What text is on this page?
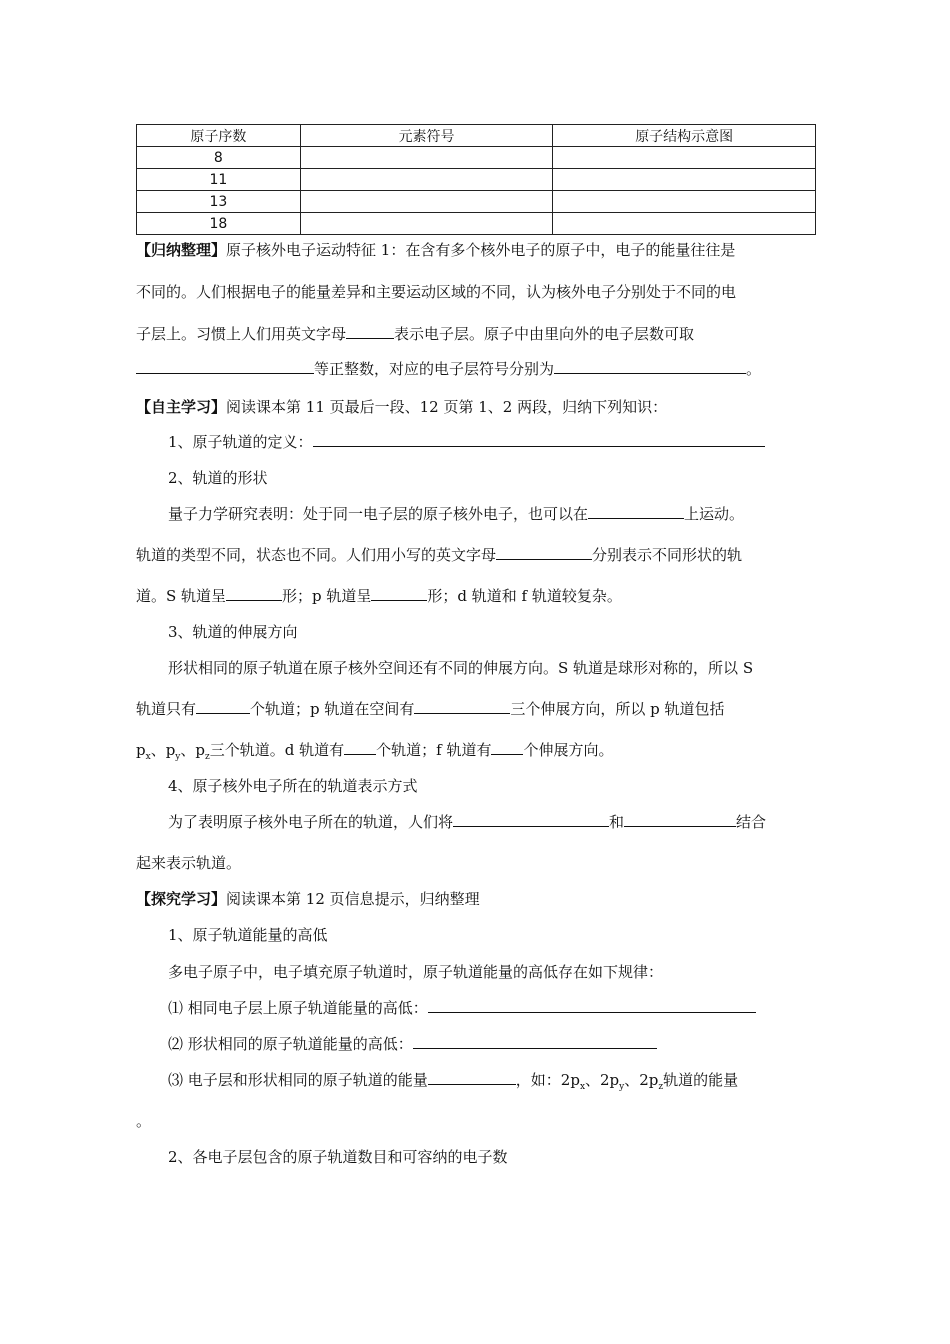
原子序数	元素符号	原子结构示意图
8		
11		
13		
18		
【归纳整理】原子核外电子运动特征 1：在含有多个核外电子的原子中，电子的能量往往是
不同的。人们根据电子的能量差异和主要运动区域的不同，认为核外电子分别处于不同的电
子层上。习惯上人们用英文字母	表示电子层。原子中由里向外的电子层数可取
等正整数，对应的电子层符号分别为	。
【自主学习】阅读课本第 11 页最后一段、12 页第 1、2 两段，归纳下列知识：
1、原子轨道的定义：
2、轨道的形状
量子力学研究表明：处于同一电子层的原子核外电子，也可以在	上运动。
轨道的类型不同，状态也不同。人们用小写的英文字母	分别表示不同形状的轨
道。S 轨道呈	形；p 轨道呈	形；d 轨道和 f 轨道较复杂。
3、轨道的伸展方向
形状相同的原子轨道在原子核外空间还有不同的伸展方向。S 轨道是球形对称的，所以 S
轨道只有	个轨道；p 轨道在空间有	三个伸展方向，所以 p 轨道包括
$p_x$、$p_y$、$p_z$三个轨道。d 轨道有 个轨道；f 轨道有 个伸展方向。
4、原子核外电子所在的轨道表示方式
为了表明原子核外电子所在的轨道，人们将	和	结合
起来表示轨道。
【探究学习】阅读课本第 12 页信息提示，归纳整理
1、原子轨道能量的高低
多电子原子中，电子填充原子轨道时，原子轨道能量的高低存在如下规律：
⑴ 相同电子层上原子轨道能量的高低：
⑵ 形状相同的原子轨道能量的高低：
⑶ 电子层和形状相同的原子轨道的能量	，如：$2p_x$、$2p_y$、$2p_z$轨道的能量
。
2、各电子层包含的原子轨道数目和可容纳的电子数
